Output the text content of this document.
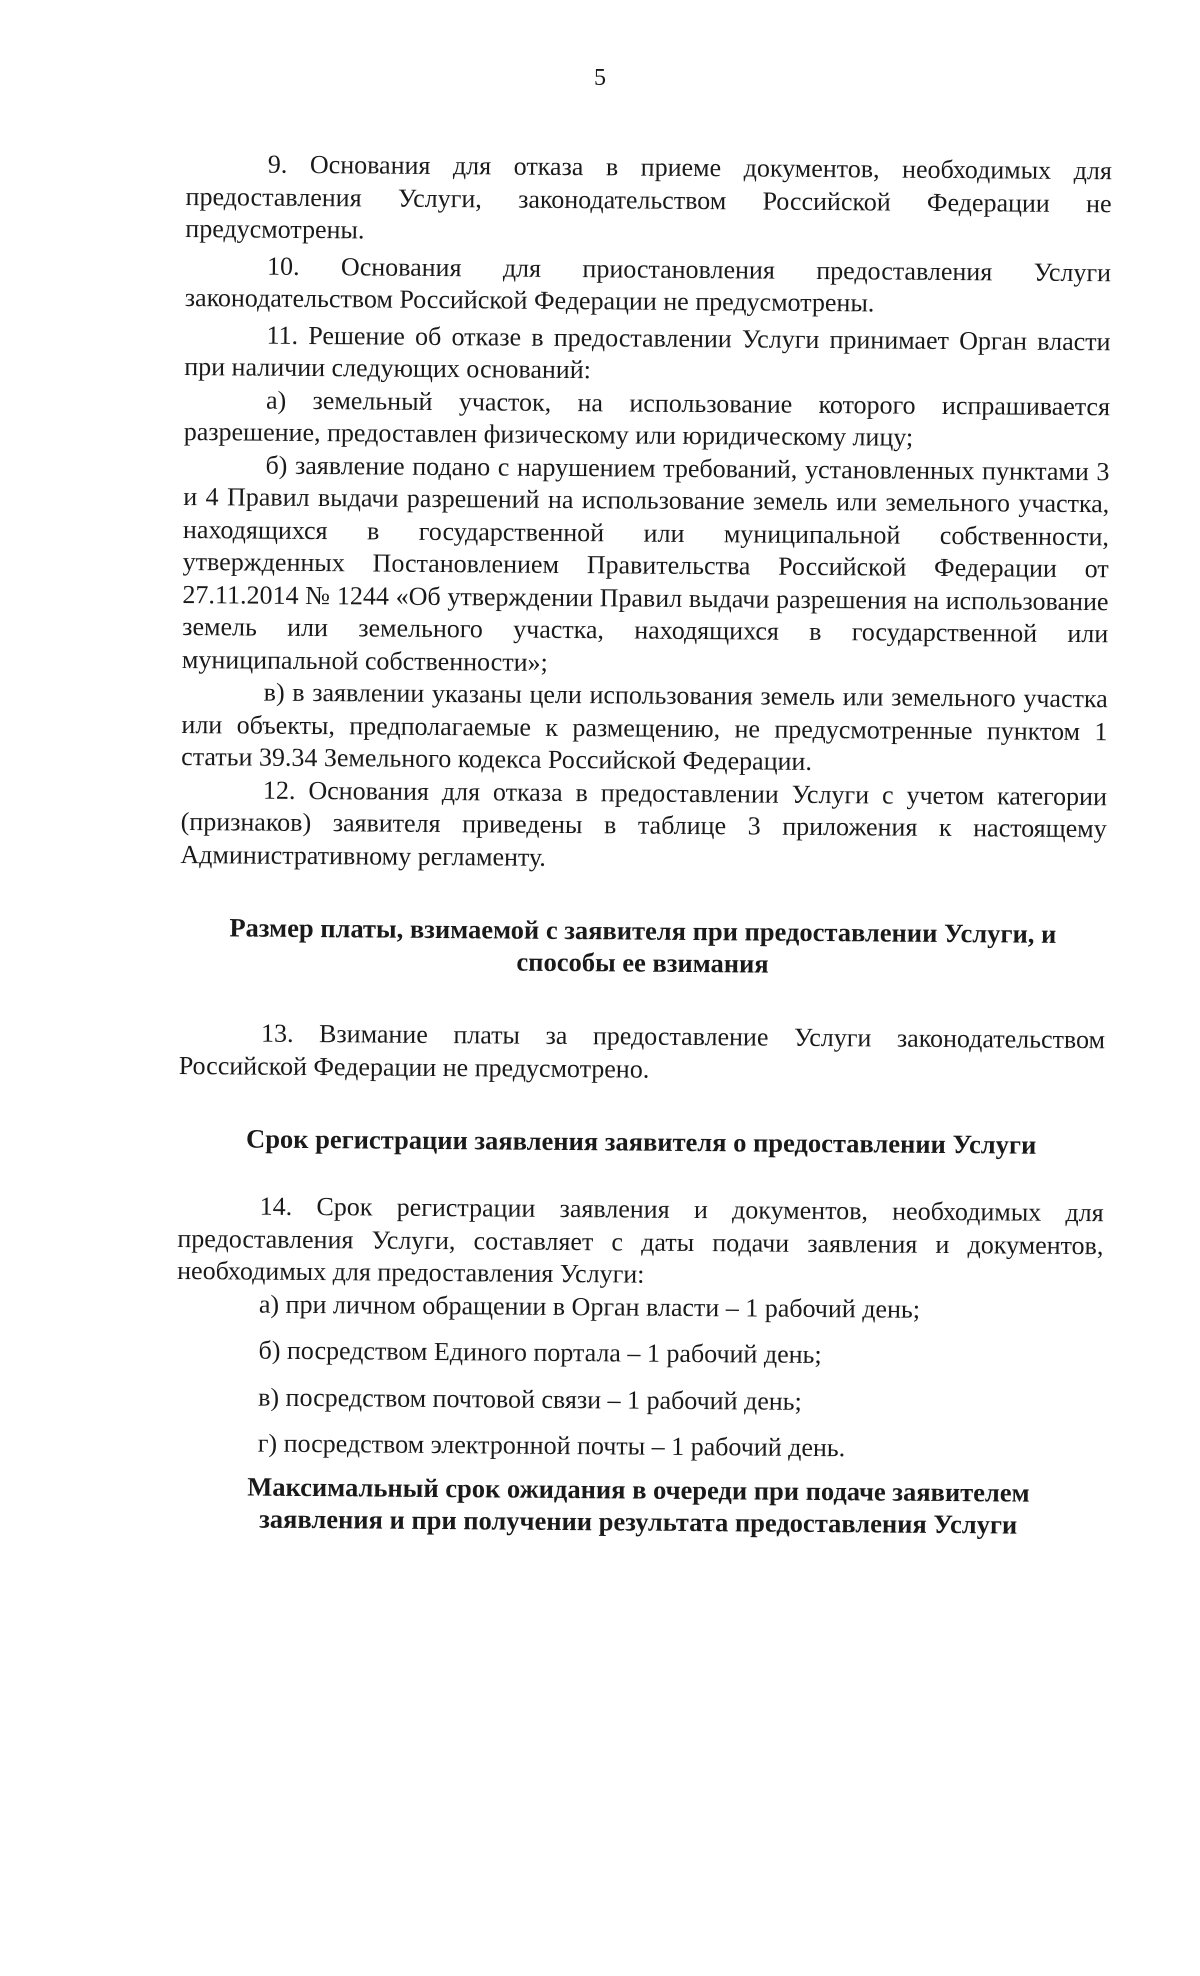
5

9. Основания для отказа в приеме документов, необходимых для предоставления Услуги, законодательством Российской Федерации не предусмотрены.

10. Основания для приостановления предоставления Услуги законодательством Российской Федерации не предусмотрены.

11. Решение об отказе в предоставлении Услуги принимает Орган власти при наличии следующих оснований:

а) земельный участок, на использование которого испрашивается разрешение, предоставлен физическому или юридическому лицу;

б) заявление подано с нарушением требований, установленных пунктами 3 и 4 Правил выдачи разрешений на использование земель или земельного участка, находящихся в государственной или муниципальной собственности, утвержденных Постановлением Правительства Российской Федерации от 27.11.2014 № 1244 «Об утверждении Правил выдачи разрешения на использование земель или земельного участка, находящихся в государственной или муниципальной собственности»;

в) в заявлении указаны цели использования земель или земельного участка или объекты, предполагаемые к размещению, не предусмотренные пунктом 1 статьи 39.34 Земельного кодекса Российской Федерации.

12. Основания для отказа в предоставлении Услуги с учетом категории (признаков) заявителя приведены в таблице 3 приложения к настоящему Административному регламенту.

Размер платы, взимаемой с заявителя при предоставлении Услуги, и способы ее взимания

13. Взимание платы за предоставление Услуги законодательством Российской Федерации не предусмотрено.

Срок регистрации заявления заявителя о предоставлении Услуги

14. Срок регистрации заявления и документов, необходимых для предоставления Услуги, составляет с даты подачи заявления и документов, необходимых для предоставления Услуги:

а) при личном обращении в Орган власти – 1 рабочий день;

б) посредством Единого портала – 1 рабочий день;

в) посредством почтовой связи – 1 рабочий день;

г) посредством электронной почты – 1 рабочий день.

Максимальный срок ожидания в очереди при подаче заявителем
заявления и при получении результата предоставления Услуги
